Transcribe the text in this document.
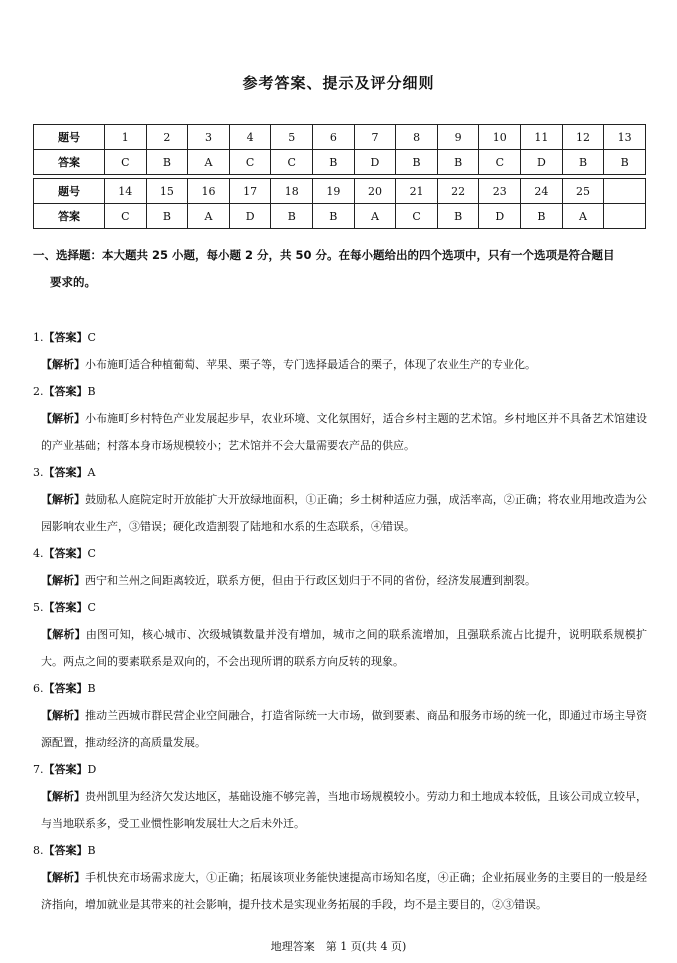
参考答案、提示及评分细则
题号	1	2	3	4	5	6	7	8	9	10	11	12	13
答案	C	B	A	C	C	B	D	B	B	C	D	B	B

题号	14	15	16	17	18	19	20	21	22	23	24	25	
答案	C	B	A	D	B	B	A	C	B	D	B	A	
一、选择题：本大题共 25 小题，每小题 2 分，共 50 分。在每小题给出的四个选项中，只有一个选项是符合题目
要求的。
1.【答案】C
【解析】小布施町适合种植葡萄、苹果、栗子等，专门选择最适合的栗子，体现了农业生产的专业化。
2.【答案】B
【解析】小布施町乡村特色产业发展起步早，农业环境、文化氛围好，适合乡村主题的艺术馆。乡村地区并不具备艺术馆建设的产业基础；村落本身市场规模较小；艺术馆并不会大量需要农产品的供应。
3.【答案】A
【解析】鼓励私人庭院定时开放能扩大开放绿地面积，①正确；乡土树种适应力强，成活率高，②正确；将农业用地改造为公园影响农业生产，③错误；硬化改造割裂了陆地和水系的生态联系，④错误。
4.【答案】C
【解析】西宁和兰州之间距离较近，联系方便，但由于行政区划归于不同的省份，经济发展遭到割裂。
5.【答案】C
【解析】由图可知，核心城市、次级城镇数量并没有增加，城市之间的联系流增加，且强联系流占比提升，说明联系规模扩大。两点之间的要素联系是双向的，不会出现所谓的联系方向反转的现象。
6.【答案】B
【解析】推动兰西城市群民营企业空间融合，打造省际统一大市场，做到要素、商品和服务市场的统一化，即通过市场主导资源配置，推动经济的高质量发展。
7.【答案】D
【解析】贵州凯里为经济欠发达地区，基础设施不够完善，当地市场规模较小。劳动力和土地成本较低，且该公司成立较早，与当地联系多，受工业惯性影响发展壮大之后未外迁。
8.【答案】B
【解析】手机快充市场需求庞大，①正确；拓展该项业务能快速提高市场知名度，④正确；企业拓展业务的主要目的一般是经济指向，增加就业是其带来的社会影响，提升技术是实现业务拓展的手段，均不是主要目的，②③错误。
地理答案　第 1 页(共 4 页)
